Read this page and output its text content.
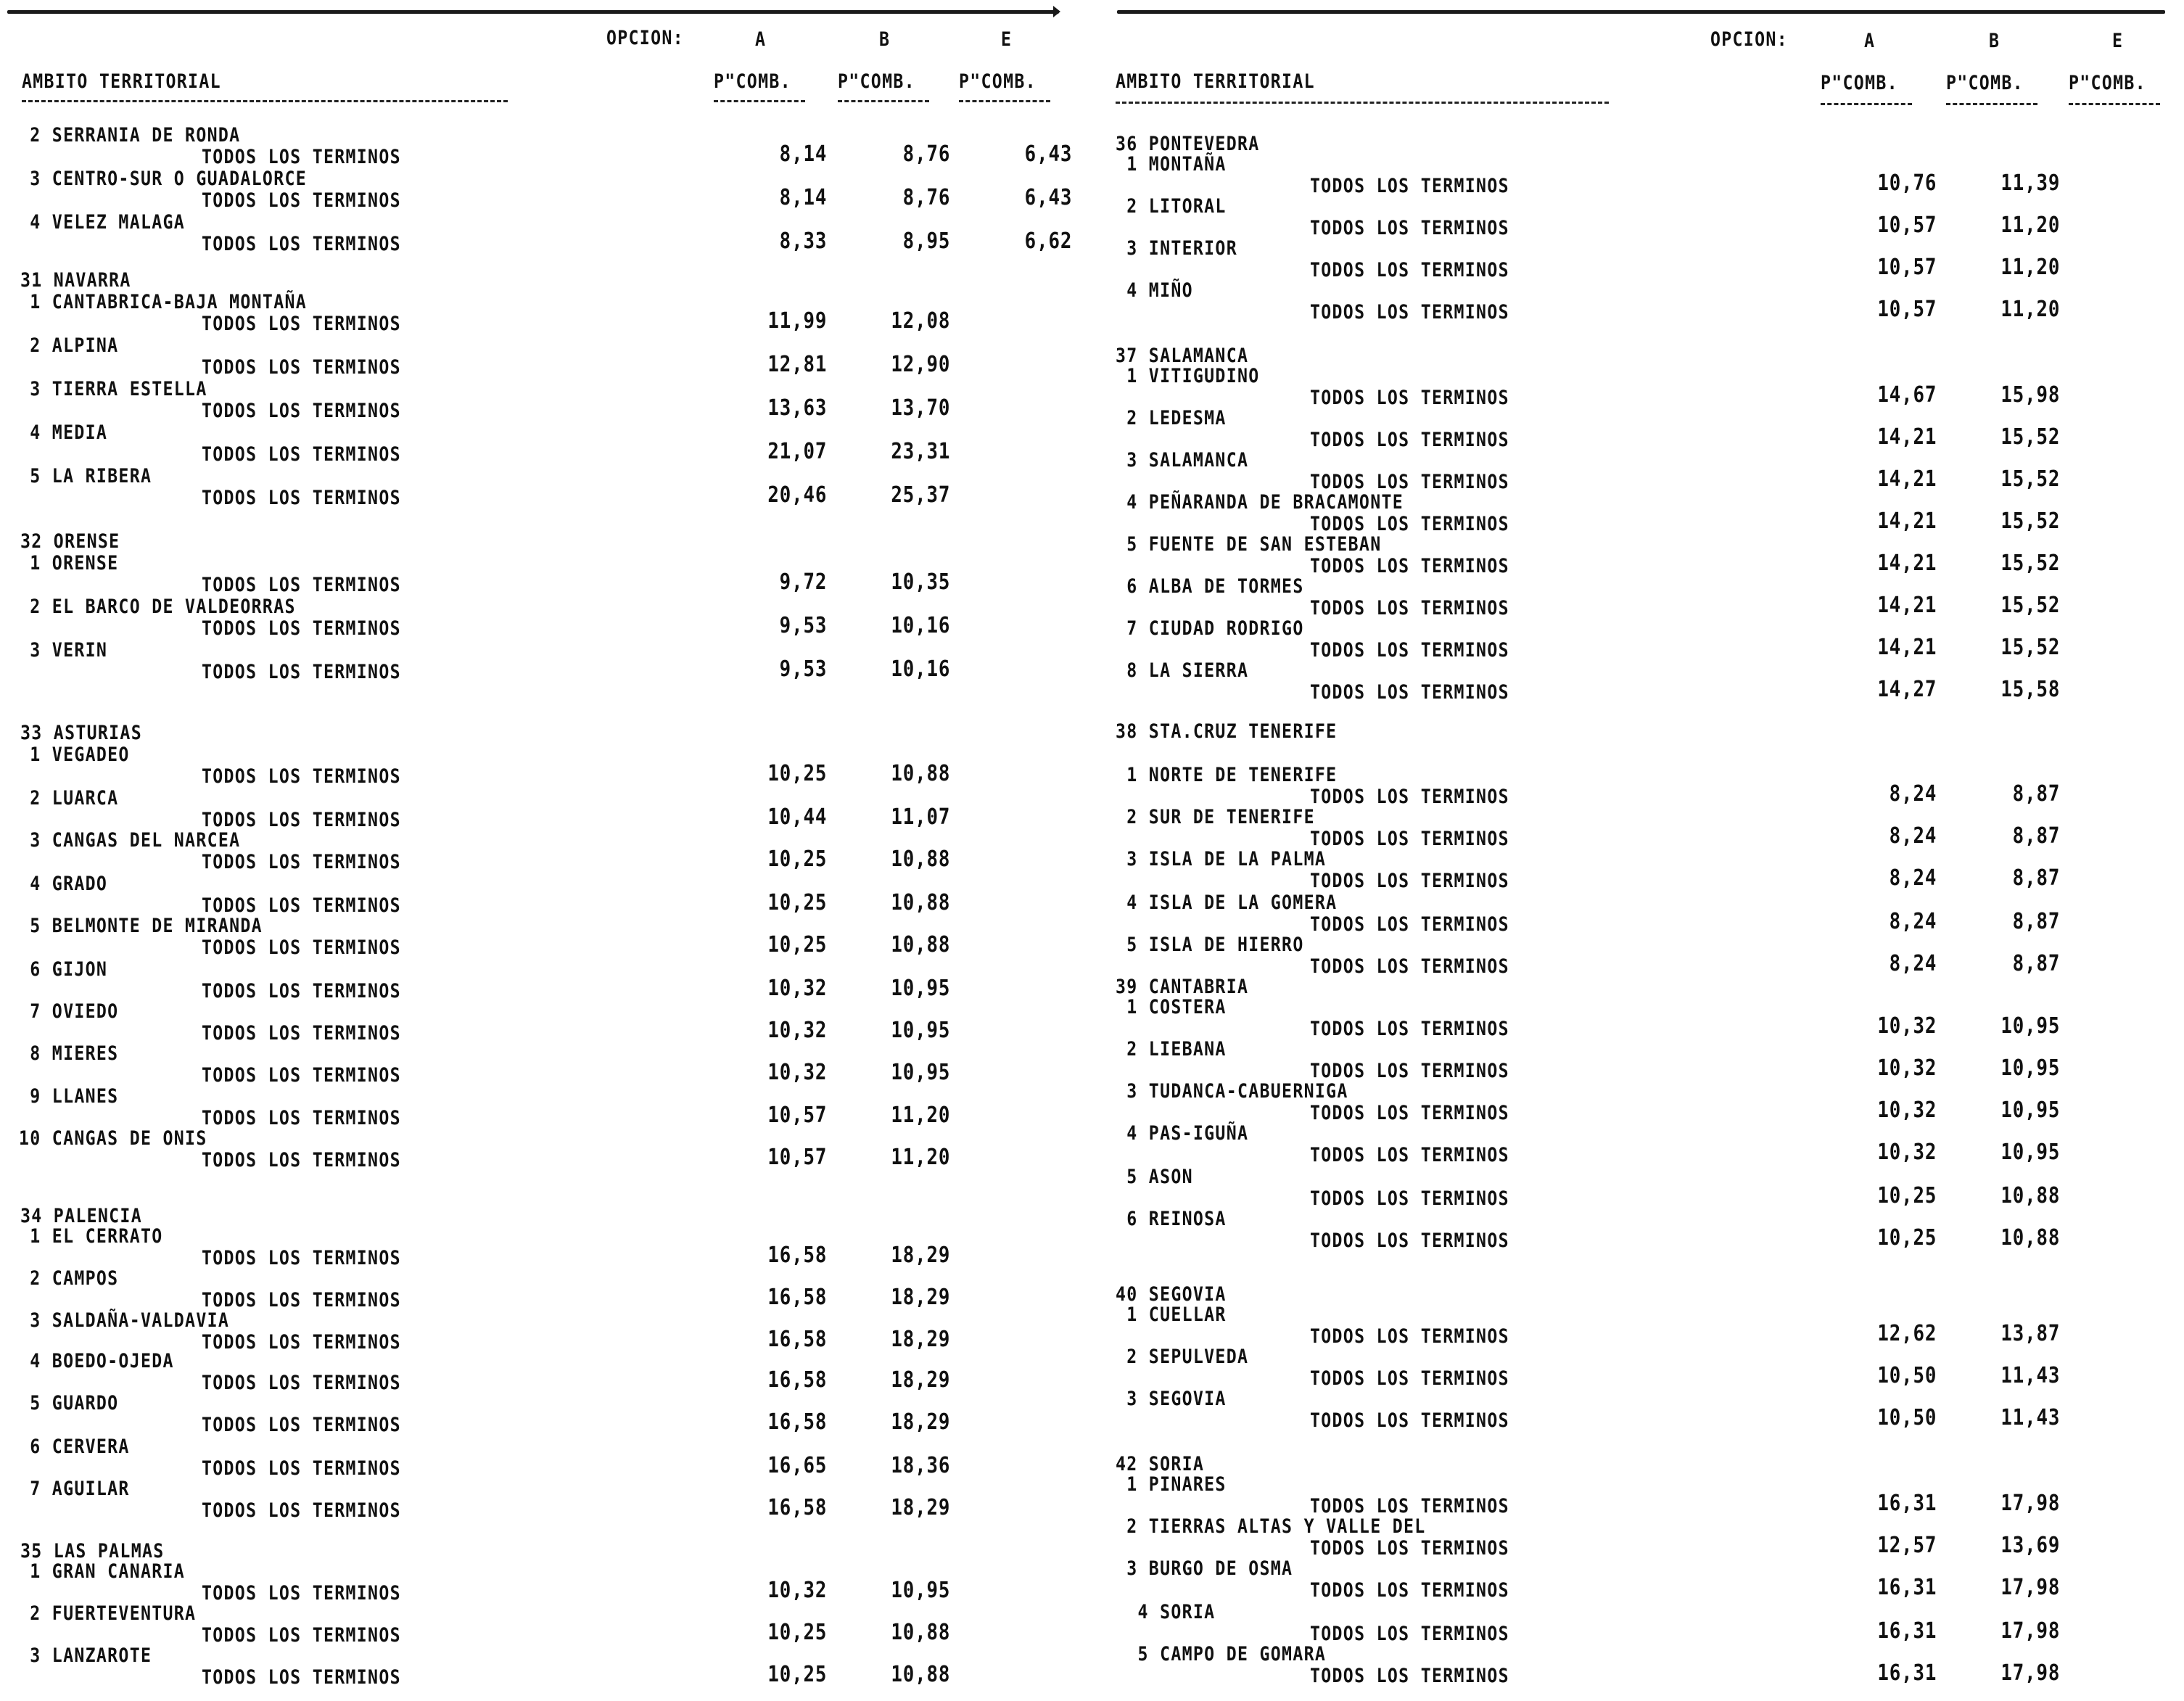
OPCION:	A	B	E
AMBITO TERRITORIAL	P"COMB. P"COMB. P"COMB.
2 SERRANIA DE RONDA
TODOS LOS TERMINOS	8,14	8,76	6,43
3 CENTRO-SUR O GUADALORCE
TODOS LOS TERMINOS	8,14	8,76	6,43
4 VELEZ MALAGA
TODOS LOS TERMINOS	8,33	8,95	6,62
31 NAVARRA
1 CANTABRICA-BAJA MONTAÑA
TODOS LOS TERMINOS	11,99	12,08
2 ALPINA
TODOS LOS TERMINOS	12,81	12,90
3 TIERRA ESTELLA
TODOS LOS TERMINOS	13,63	13,70
4 MEDIA
TODOS LOS TERMINOS	21,07	23,31
5 LA RIBERA
TODOS LOS TERMINOS	20,46	25,37
32 ORENSE
1 ORENSE
TODOS LOS TERMINOS	9,72	10,35
2 EL BARCO DE VALDEORRAS
TODOS LOS TERMINOS	9,53	10,16
3 VERIN
TODOS LOS TERMINOS	9,53	10,16
33 ASTURIAS
1 VEGADEO
TODOS LOS TERMINOS	10,25	10,88
2 LUARCA
TODOS LOS TERMINOS	10,44	11,07
3 CANGAS DEL NARCEA
TODOS LOS TERMINOS	10,25	10,88
4 GRADO
TODOS LOS TERMINOS	10,25	10,88
5 BELMONTE DE MIRANDA
TODOS LOS TERMINOS	10,25	10,88
6 GIJON
TODOS LOS TERMINOS	10,32	10,95
7 OVIEDO
TODOS LOS TERMINOS	10,32	10,95
8 MIERES
TODOS LOS TERMINOS	10,32	10,95
9 LLANES
TODOS LOS TERMINOS	10,57	11,20
10 CANGAS DE ONIS
TODOS LOS TERMINOS	10,57	11,20
34 PALENCIA
1 EL CERRATO
TODOS LOS TERMINOS	16,58	18,29
2 CAMPOS
TODOS LOS TERMINOS	16,58	18,29
3 SALDAÑA-VALDAVIA
TODOS LOS TERMINOS	16,58	18,29
4 BOEDO-OJEDA
TODOS LOS TERMINOS	16,58	18,29
5 GUARDO
TODOS LOS TERMINOS	16,58	18,29
6 CERVERA
TODOS LOS TERMINOS	16,65	18,36
7 AGUILAR
TODOS LOS TERMINOS	16,58	18,29
35 LAS PALMAS
1 GRAN CANARIA
TODOS LOS TERMINOS	10,32	10,95
2 FUERTEVENTURA
TODOS LOS TERMINOS	10,25	10,88
3 LANZAROTE
TODOS LOS TERMINOS	10,25	10,88
OPCION:	A	B	E
AMBITO TERRITORIAL	P"COMB. P"COMB. P"COMB.
36 PONTEVEDRA
1 MONTAÑA
TODOS LOS TERMINOS	10,76	11,39
2 LITORAL
TODOS LOS TERMINOS	10,57	11,20
3 INTERIOR
TODOS LOS TERMINOS	10,57	11,20
4 MIÑO
TODOS LOS TERMINOS	10,57	11,20
37 SALAMANCA
1 VITIGUDINO
TODOS LOS TERMINOS	14,67	15,98
2 LEDESMA
TODOS LOS TERMINOS	14,21	15,52
3 SALAMANCA
TODOS LOS TERMINOS	14,21	15,52
4 PEÑARANDA DE BRACAMONTE
TODOS LOS TERMINOS	14,21	15,52
5 FUENTE DE SAN ESTEBAN
TODOS LOS TERMINOS	14,21	15,52
6 ALBA DE TORMES
TODOS LOS TERMINOS	14,21	15,52
7 CIUDAD RODRIGO
TODOS LOS TERMINOS	14,21	15,52
8 LA SIERRA
TODOS LOS TERMINOS	14,27	15,58
38 STA.CRUZ TENERIFE
1 NORTE DE TENERIFE
TODOS LOS TERMINOS	8,24	8,87
2 SUR DE TENERIFE
TODOS LOS TERMINOS	8,24	8,87
3 ISLA DE LA PALMA
TODOS LOS TERMINOS	8,24	8,87
4 ISLA DE LA GOMERA
TODOS LOS TERMINOS	8,24	8,87
5 ISLA DE HIERRO
TODOS LOS TERMINOS	8,24	8,87
39 CANTABRIA
1 COSTERA
TODOS LOS TERMINOS	10,32	10,95
2 LIEBANA
TODOS LOS TERMINOS	10,32	10,95
3 TUDANCA-CABUERNIGA
TODOS LOS TERMINOS	10,32	10,95
4 PAS-IGUÑA
TODOS LOS TERMINOS	10,32	10,95
5 ASON
TODOS LOS TERMINOS	10,25	10,88
6 REINOSA
TODOS LOS TERMINOS	10,25	10,88
40 SEGOVIA
1 CUELLAR
TODOS LOS TERMINOS	12,62	13,87
2 SEPULVEDA
TODOS LOS TERMINOS	10,50	11,43
3 SEGOVIA
TODOS LOS TERMINOS	10,50	11,43
42 SORIA
1 PINARES
TODOS LOS TERMINOS	16,31	17,98
2 TIERRAS ALTAS Y VALLE DEL
TODOS LOS TERMINOS	12,57	13,69
3 BURGO DE OSMA
TODOS LOS TERMINOS	16,31	17,98
4 SORIA
TODOS LOS TERMINOS	16,31	17,98
5 CAMPO DE GOMARA
TODOS LOS TERMINOS	16,31	17,98
